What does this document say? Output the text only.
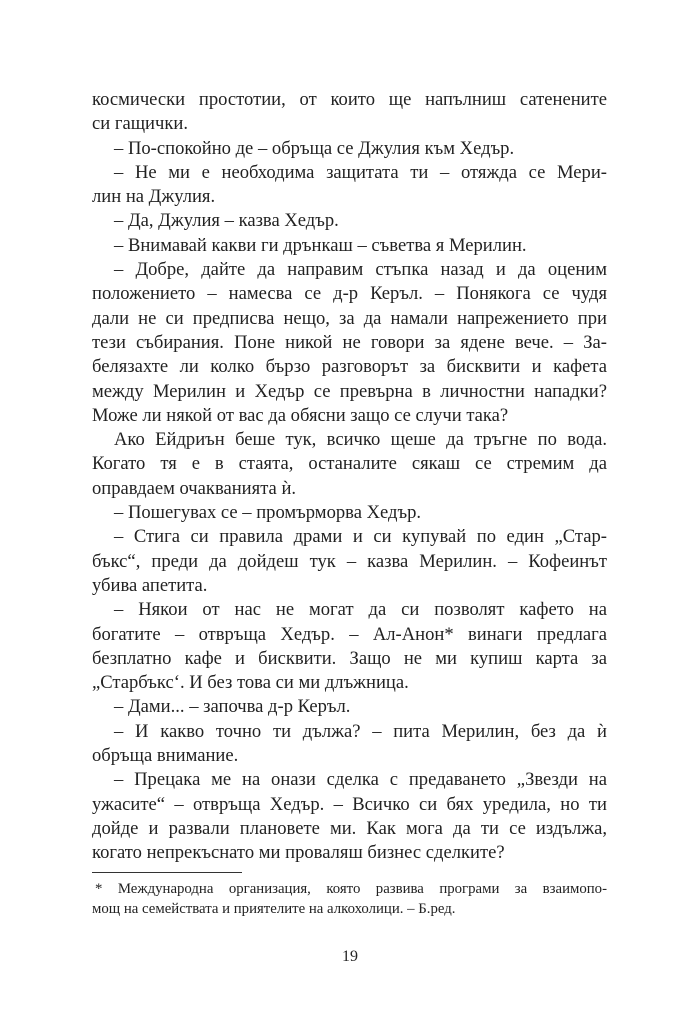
космически простотии, от които ще напълниш сатенените
си гащички.
– По-спокойно де – обръща се Джулия към Хедър.
– Не ми е необходима защитата ти – отяжда се Мери-
лин на Джулия.
– Да, Джулия – казва Хедър.
– Внимавай какви ги дрънкаш – съветва я Мерилин.
– Добре, дайте да направим стъпка назад и да оценим
положението – намесва се д-р Керъл. – Понякога се чудя
дали не си предписва нещо, за да намали напрежението при
тези събирания. Поне никой не говори за ядене вече. – За-
белязахте ли колко бързо разговорът за бисквити и кафета
между Мерилин и Хедър се превърна в личностни нападки?
Може ли някой от вас да обясни защо се случи така?
Ако Ейдриън беше тук, всичко щеше да тръгне по вода.
Когато тя е в стаята, останалите сякаш се стремим да
оправдаем очакванията ѝ.
– Пошегувах се – промърморва Хедър.
– Стига си правила драми и си купувай по един „Стар-
бъкс“, преди да дойдеш тук – казва Мерилин. – Кофеинът
убива апетита.
– Някои от нас не могат да си позволят кафето на
богатите – отвръща Хедър. – Ал-Анон* винаги предлага
безплатно кафе и бисквити. Защо не ми купиш карта за
„Старбъкс‘. И без това си ми длъжница.
– Дами... – започва д-р Керъл.
– И какво точно ти дължа? – пита Мерилин, без да ѝ
обръща внимание.
– Прецака ме на онази сделка с предаването „Звезди на
ужасите“ – отвръща Хедър. – Всичко си бях уредила, но ти
дойде и развали плановете ми. Как мога да ти се издължа,
когато непрекъснато ми проваляш бизнес сделките?
* Международна организация, която развива програми за взаимопо-
мощ на семействата и приятелите на алкохолици. – Б.ред.
19
